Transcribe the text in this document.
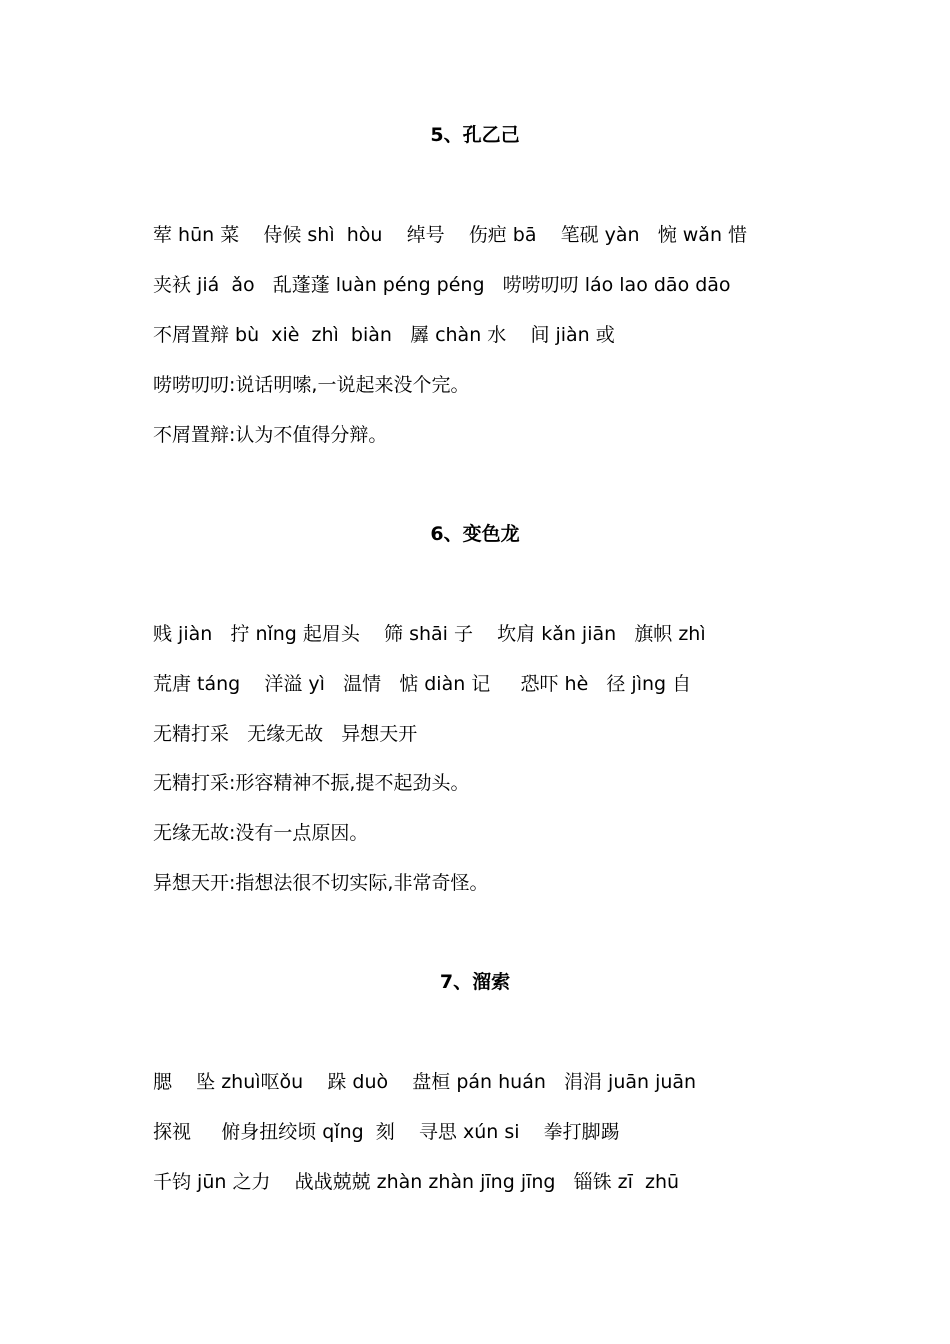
5、孔乙己
荤 hūn 菜    侍候 shì  hòu    绰号    伤疤 bā    笔砚 yàn   惋 wǎn 惜
夹袄 jiá  ǎo   乱蓬蓬 luàn péng péng   唠唠叨叨 láo lao dāo dāo
不屑置辩 bù  xiè  zhì  biàn   羼 chàn 水    间 jiàn 或
唠唠叨叨:说话明嗦,一说起来没个完。
不屑置辩:认为不值得分辩。
6、变色龙
贱 jiàn   拧 nǐng 起眉头    筛 shāi 子    坎肩 kǎn jiān   旗帜 zhì
荒唐 táng    洋溢 yì   温情   惦 diàn 记     恐吓 hè   径 jìng 自
无精打采   无缘无故   异想天开
无精打采:形容精神不振,提不起劲头。
无缘无故:没有一点原因。
异想天开:指想法很不切实际,非常奇怪。
7、溜索
腮    坠 zhuì呕ǒu    跺 duò    盘桓 pán huán   涓涓 juān juān
探视     俯身扭绞顷 qǐng  刻    寻思 xún si    拳打脚踢
千钧 jūn 之力    战战兢兢 zhàn zhàn jīng jīng   锱铢 zī  zhū
